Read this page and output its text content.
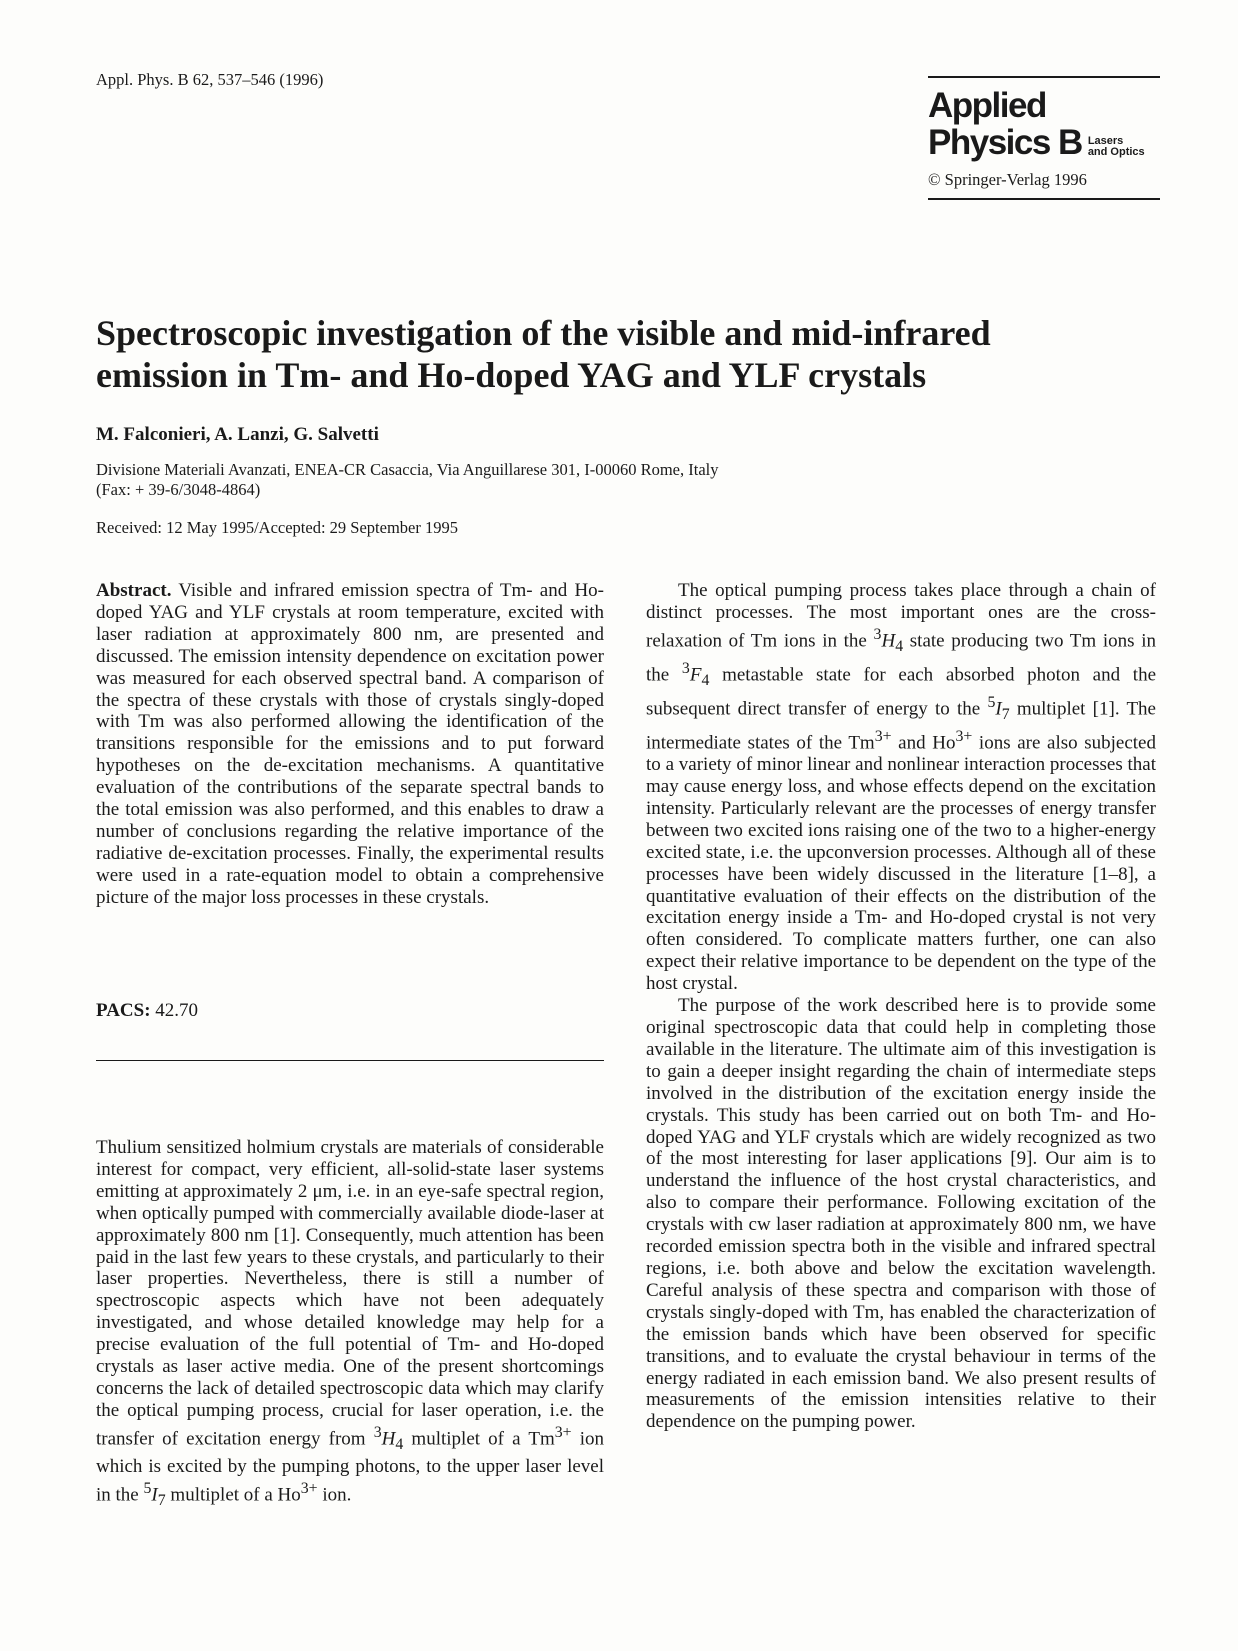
Appl. Phys. B 62, 537–546 (1996)
Applied
Physics B Lasers
and Optics
© Springer-Verlag 1996
Spectroscopic investigation of the visible and mid-infrared
emission in Tm- and Ho-doped YAG and YLF crystals
M. Falconieri, A. Lanzi, G. Salvetti
Divisione Materiali Avanzati, ENEA-CR Casaccia, Via Anguillarese 301, I-00060 Rome, Italy
(Fax: + 39-6/3048-4864)
Received: 12 May 1995/Accepted: 29 September 1995

Abstract. Visible and infrared emission spectra of Tm- and Ho-doped YAG and YLF crystals at room temperature, excited with laser radiation at approximately 800 nm, are presented and discussed. The emission intensity dependence on excitation power was measured for each observed spectral band. A comparison of the spectra of these crystals with those of crystals singly-doped with Tm was also performed allowing the identification of the transitions responsible for the emissions and to put forward hypotheses on the de-excitation mechanisms. A quantitative evaluation of the contributions of the separate spectral bands to the total emission was also performed, and this enables to draw a number of conclusions regarding the relative importance of the radiative de-excitation processes. Finally, the experimental results were used in a rate-equation model to obtain a comprehensive picture of the major loss processes in these crystals.

PACS: 42.70

Thulium sensitized holmium crystals are materials of considerable interest for compact, very efficient, all-solid-state laser systems emitting at approximately 2 μm, i.e. in an eye-safe spectral region, when optically pumped with commercially available diode-laser at approximately 800 nm [1]. Consequently, much attention has been paid in the last few years to these crystals, and particularly to their laser properties. Nevertheless, there is still a number of spectroscopic aspects which have not been adequately investigated, and whose detailed knowledge may help for a precise evaluation of the full potential of Tm- and Ho-doped crystals as laser active media. One of the present shortcomings concerns the lack of detailed spectroscopic data which may clarify the optical pumping process, crucial for laser operation, i.e. the transfer of excitation energy from $^3H_4$ multiplet of a $Tm^{3+}$ ion which is excited by the pumping photons, to the upper laser level in the $^5I_7$ multiplet of a $Ho^{3+}$ ion.

The optical pumping process takes place through a chain of distinct processes. The most important ones are the cross-relaxation of Tm ions in the $^3H_4$ state producing two Tm ions in the $^3F_4$ metastable state for each absorbed photon and the subsequent direct transfer of energy to the $^5I_7$ multiplet [1]. The intermediate states of the $Tm^{3+}$ and $Ho^{3+}$ ions are also subjected to a variety of minor linear and nonlinear interaction processes that may cause energy loss, and whose effects depend on the excitation intensity. Particularly relevant are the processes of energy transfer between two excited ions raising one of the two to a higher-energy excited state, i.e. the upconversion processes. Although all of these processes have been widely discussed in the literature [1–8], a quantitative evaluation of their effects on the distribution of the excitation energy inside a Tm- and Ho-doped crystal is not very often considered. To complicate matters further, one can also expect their relative importance to be dependent on the type of the host crystal.

The purpose of the work described here is to provide some original spectroscopic data that could help in completing those available in the literature. The ultimate aim of this investigation is to gain a deeper insight regarding the chain of intermediate steps involved in the distribution of the excitation energy inside the crystals. This study has been carried out on both Tm- and Ho-doped YAG and YLF crystals which are widely recognized as two of the most interesting for laser applications [9]. Our aim is to understand the influence of the host crystal characteristics, and also to compare their performance. Following excitation of the crystals with cw laser radiation at approximately 800 nm, we have recorded emission spectra both in the visible and infrared spectral regions, i.e. both above and below the excitation wavelength. Careful analysis of these spectra and comparison with those of crystals singly-doped with Tm, has enabled the characterization of the emission bands which have been observed for specific transitions, and to evaluate the crystal behaviour in terms of the energy radiated in each emission band. We also present results of measurements of the emission intensities relative to their dependence on the pumping power.
